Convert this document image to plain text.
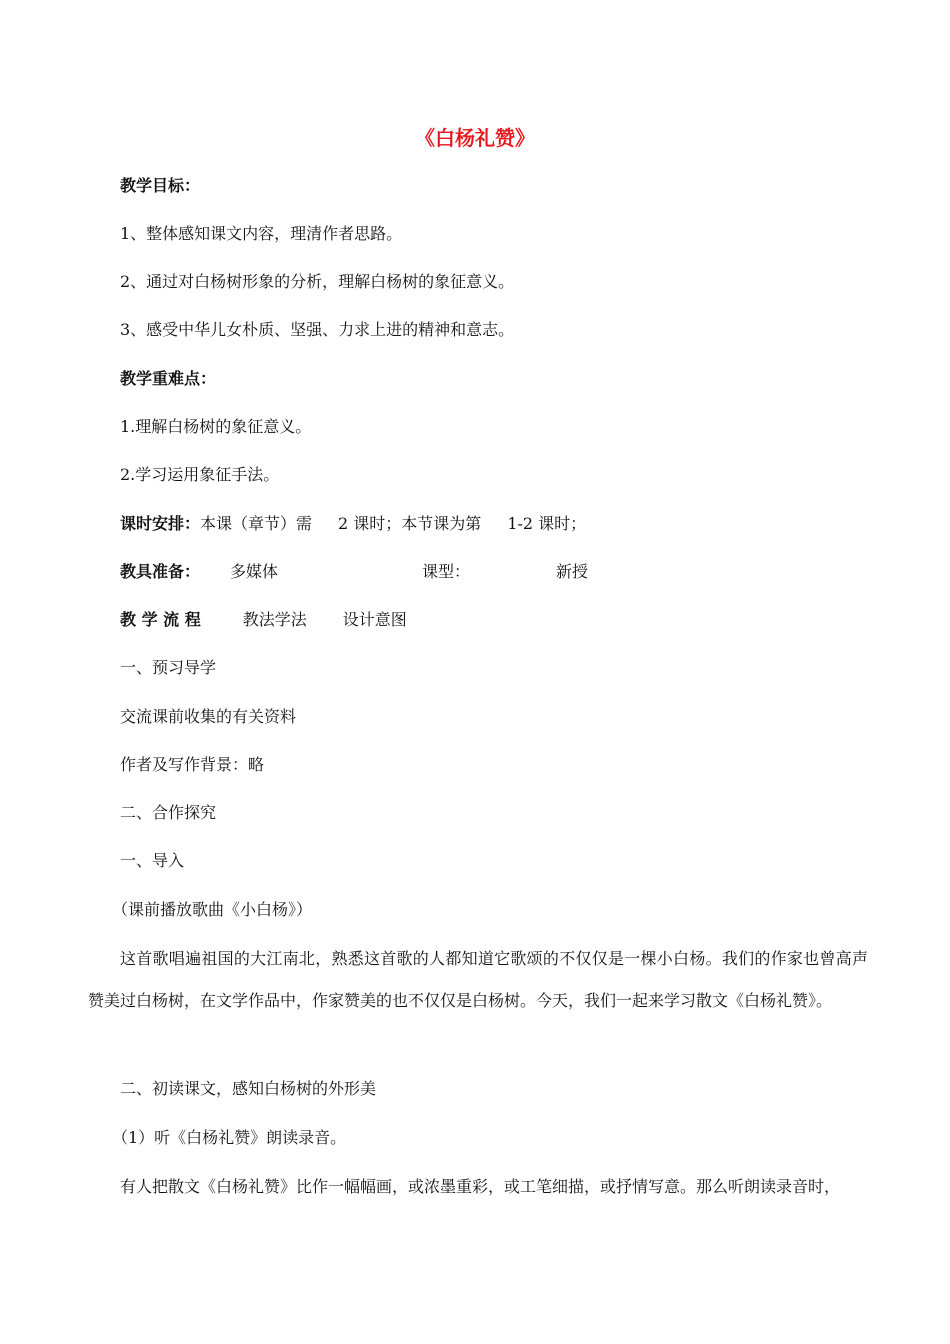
《白杨礼赞》
教学目标：
1、整体感知课文内容，理清作者思路。
2、通过对白杨树形象的分析，理解白杨树的象征意义。
3、感受中华儿女朴质、坚强、力求上进的精神和意志。
教学重难点：
1.理解白杨树的象征意义。
2.学习运用象征手法。
课时安排：本课（章节）需 2 课时；本节课为第 1-2 课时；
教具准备： 多媒体	课型：	新授
教 学 流 程	教法学法 设计意图
一、预习导学
交流课前收集的有关资料
作者及写作背景：略
二、合作探究
一、导入
（课前播放歌曲《小白杨》）
这首歌唱遍祖国的大江南北，熟悉这首歌的人都知道它歌颂的不仅仅是一棵小白杨。我们的作家也曾高声赞美过白杨树，在文学作品中，作家赞美的也不仅仅是白杨树。今天，我们一起来学习散文《白杨礼赞》。
二、初读课文，感知白杨树的外形美
（1）听《白杨礼赞》朗读录音。
有人把散文《白杨礼赞》比作一幅幅画，或浓墨重彩，或工笔细描，或抒情写意。那么听朗读录音时，
